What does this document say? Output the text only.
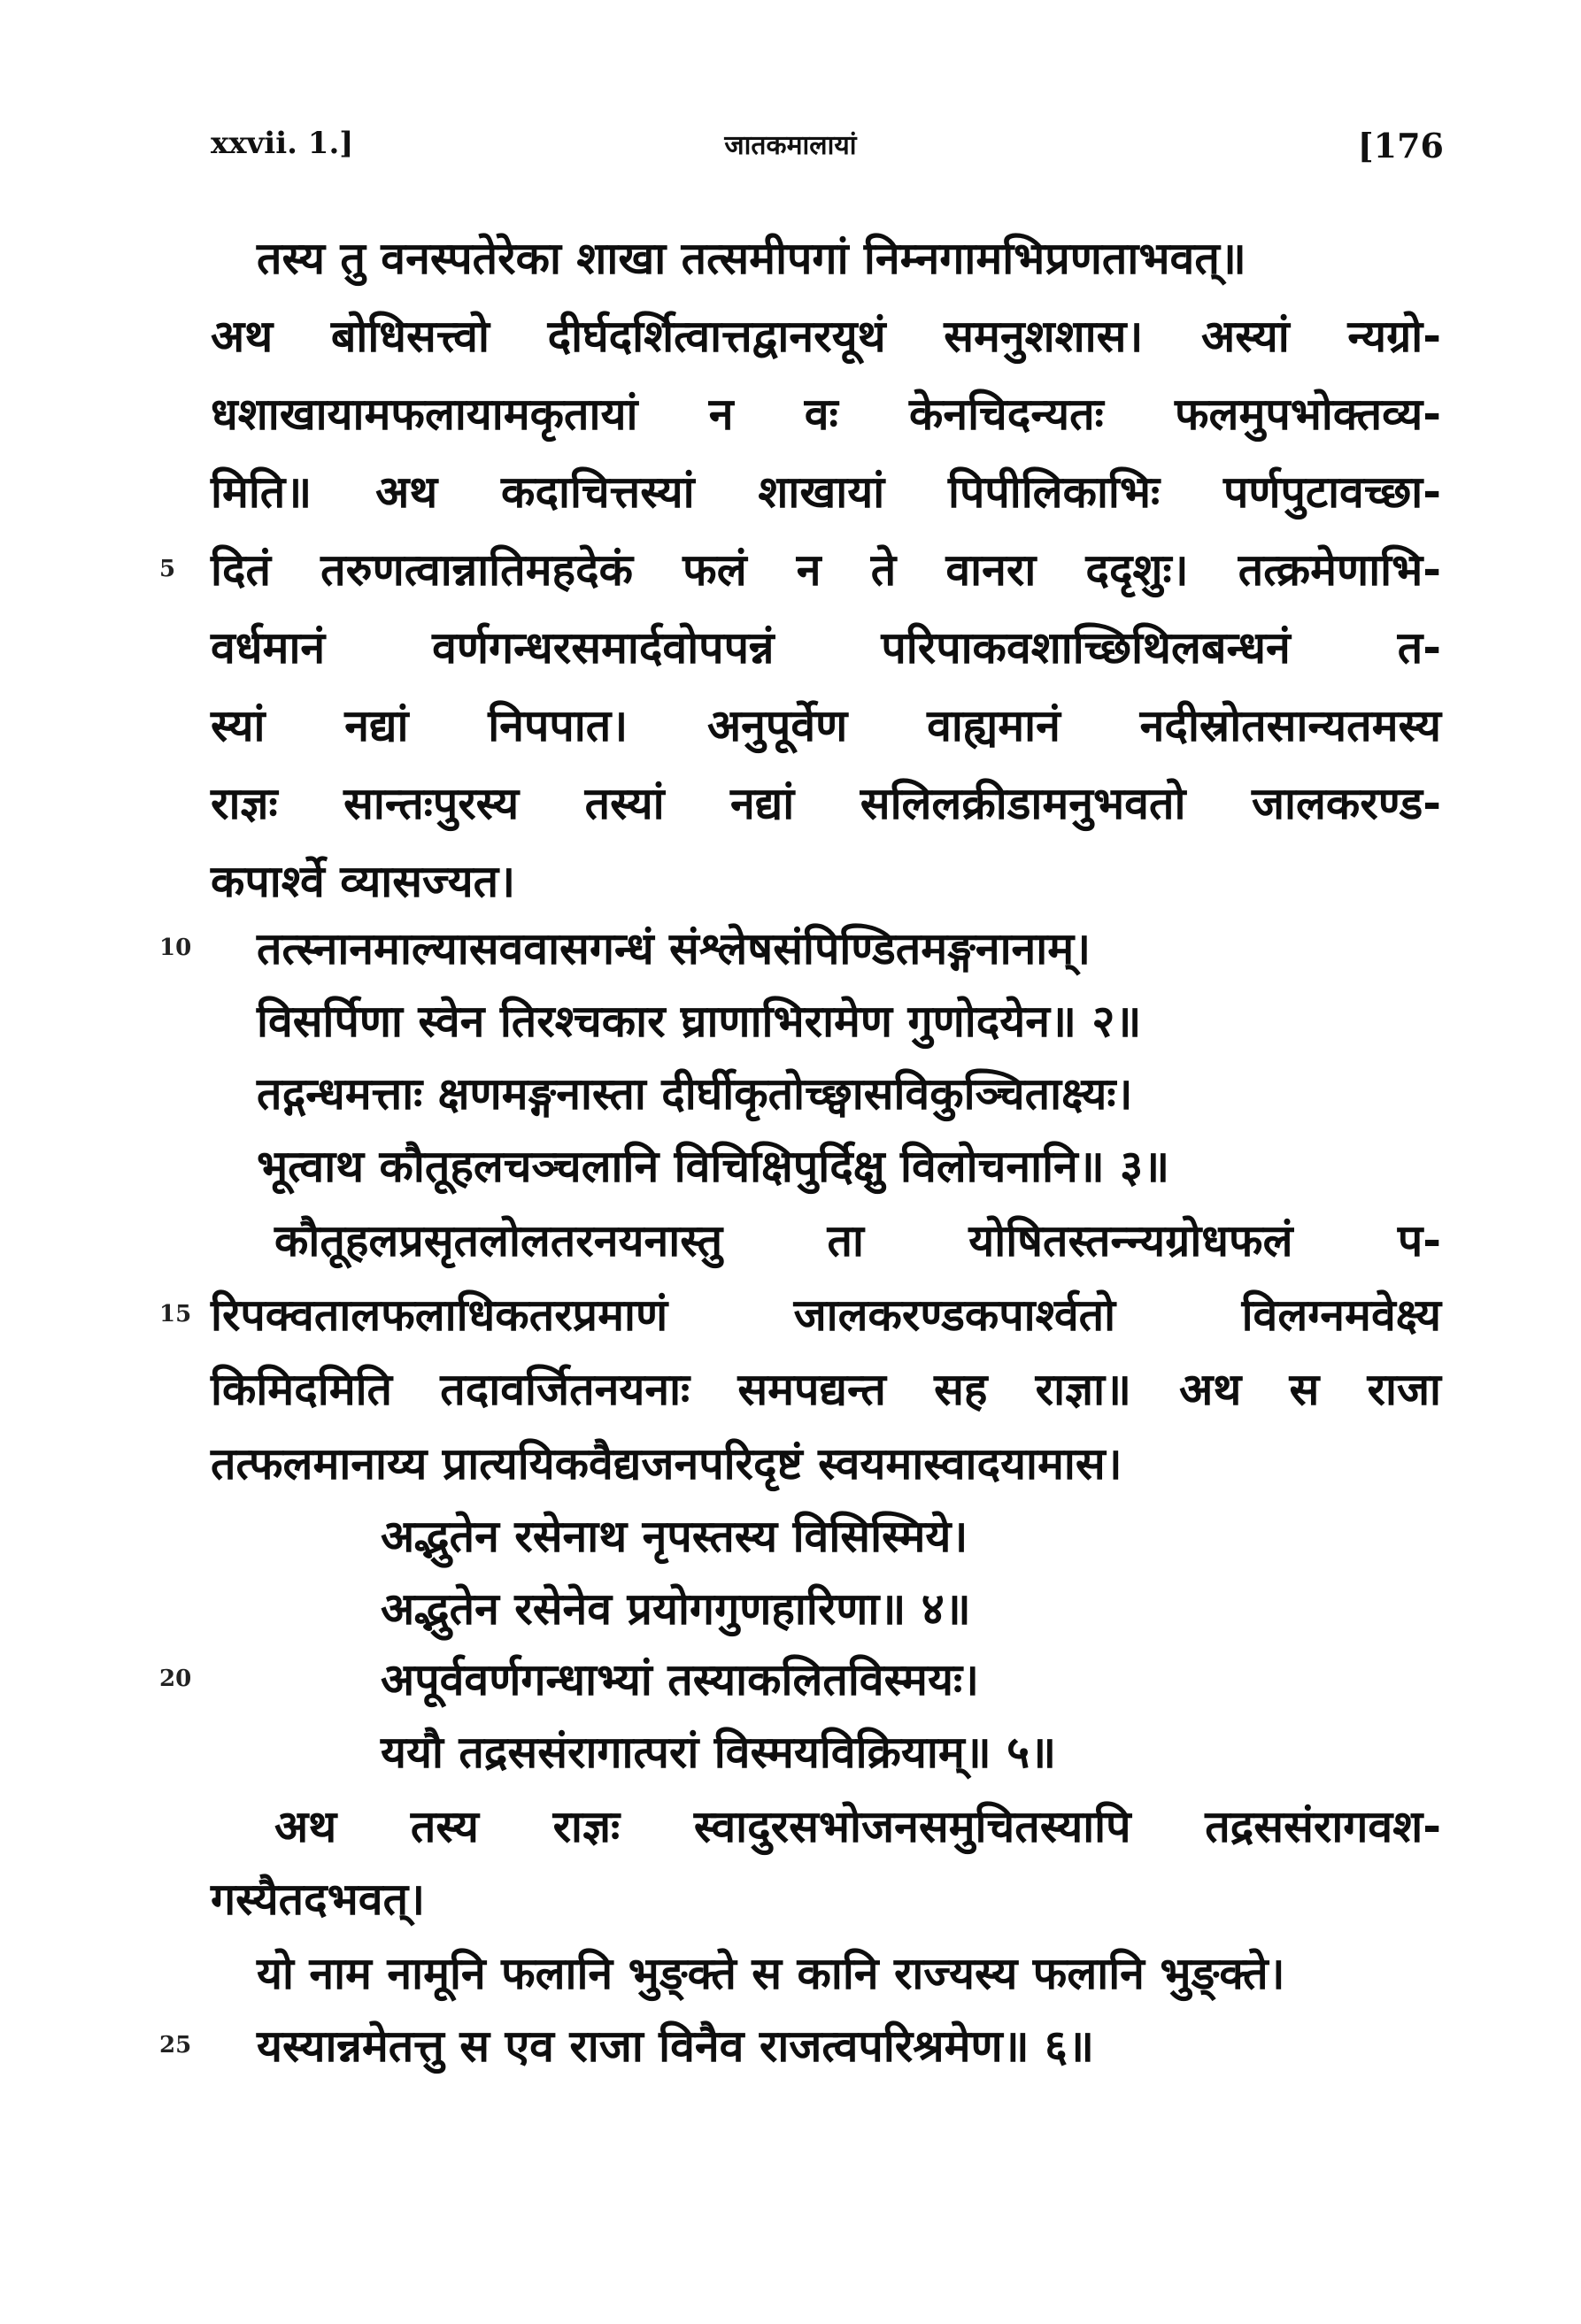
xxvii. 1.]	जातकमालायां	[176
तस्य तु वनस्पतेरेका शाखा तत्समीपगां निम्नगामभिप्रणताभवत्॥
अथ बोधिसत्त्वो दीर्घदर्शित्वात्तद्वानरयूथं समनुशशास। अस्यां न्यग्रो-
धशाखायामफलायामकृतायां न वः केनचिदन्यतः फलमुपभोक्तव्य-
मिति॥ अथ कदाचित्तस्यां शाखायां पिपीलिकाभिः पर्णपुटावच्छा-
5 दितं तरुणत्वान्नातिमहदेकं फलं न ते वानरा ददृशुः। तत्क्रमेणाभि-
वर्धमानं वर्णगन्धरसमार्दवोपपन्नं परिपाकवशाच्छिथिलबन्धनं त-
स्यां नद्यां निपपात। अनुपूर्वेण वाह्यमानं नदीस्रोतसान्यतमस्य
राज्ञः सान्तःपुरस्य तस्यां नद्यां सलिलक्रीडामनुभवतो जालकरण्ड-
कपार्श्वे व्यासज्यत।
10 तत्स्नानमाल्यासववासगन्धं संश्लेषसंपिण्डितमङ्गनानाम्।
विसर्पिणा स्वेन तिरश्चकार घ्राणाभिरामेण गुणोदयेन॥ २॥
तद्गन्धमत्ताः क्षणमङ्गनास्ता दीर्घीकृतोच्छ्वासविकुञ्चिताक्ष्यः।
भूत्वाथ कौतूहलचञ्चलानि विचिक्षिपुर्दिक्षु विलोचनानि॥ ३॥
कौतूहलप्रसृतलोलतरनयनास्तु ता योषितस्तन्न्यग्रोधफलं प-
15 रिपक्वतालफलाधिकतरप्रमाणं जालकरण्डकपार्श्वतो विलग्नमवेक्ष्य
किमिदमिति तदावर्जितनयनाः समपद्यन्त सह राज्ञा॥ अथ स राजा
तत्फलमानाय्य प्रात्ययिकवैद्यजनपरिदृष्टं स्वयमास्वादयामास।
अद्भुतेन रसेनाथ नृपस्तस्य विसिस्मिये।
अद्भुतेन रसेनेव प्रयोगगुणहारिणा॥ ४॥
20	अपूर्ववर्णगन्धाभ्यां तस्याकलितविस्मयः।
ययौ तद्रससंरागात्परां विस्मयविक्रियाम्॥ ५॥
अथ तस्य राज्ञः स्वादुरसभोजनसमुचितस्यापि तद्रससंरागवश-
गस्यैतदभवत्।
यो नाम नामूनि फलानि भुङ्क्ते स कानि राज्यस्य फलानि भुङ्क्ते।
25 यस्यान्नमेतत्तु स एव राजा विनैव राजत्वपरिश्रमेण॥ ६॥
